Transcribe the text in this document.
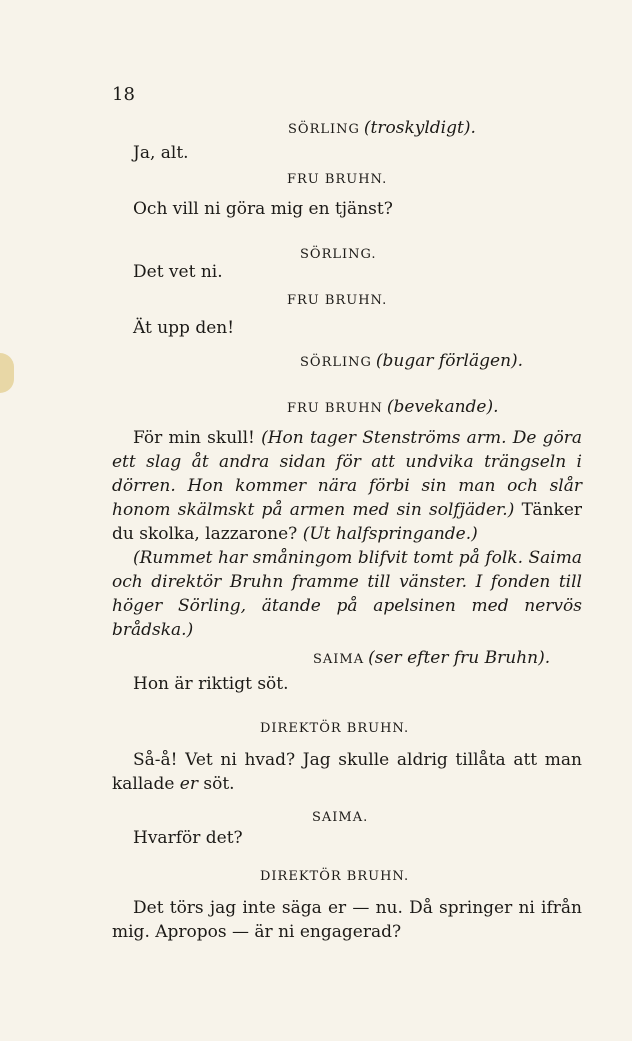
18
SÖRLING (troskyldigt).
Ja, alt.
FRU BRUHN.
Och vill ni göra mig en tjänst?
SÖRLING.
Det vet ni.
FRU BRUHN.
Ät upp den!
SÖRLING (bugar förlägen).
FRU BRUHN (bevekande).
För min skull! (Hon tager Stenströms arm. De göra ett slag åt andra sidan för att undvika trängseln i dörren. Hon kommer nära förbi sin man och slår honom skälmskt på armen med sin solfjäder.) Tänker du skolka, lazzarone? (Ut halfspringande.)
(Rummet har småningom blifvit tomt på folk. Saima och direktör Bruhn framme till vänster. I fonden till höger Sörling, ätande på apelsinen med nervös brådska.)
SAIMA (ser efter fru Bruhn).
Hon är riktigt söt.
DIREKTÖR BRUHN.
Så-å! Vet ni hvad? Jag skulle aldrig tillåta att man kallade er söt.
SAIMA.
Hvarför det?
DIREKTÖR BRUHN.
Det törs jag inte säga er — nu. Då springer ni ifrån mig. Apropos — är ni engagerad?
